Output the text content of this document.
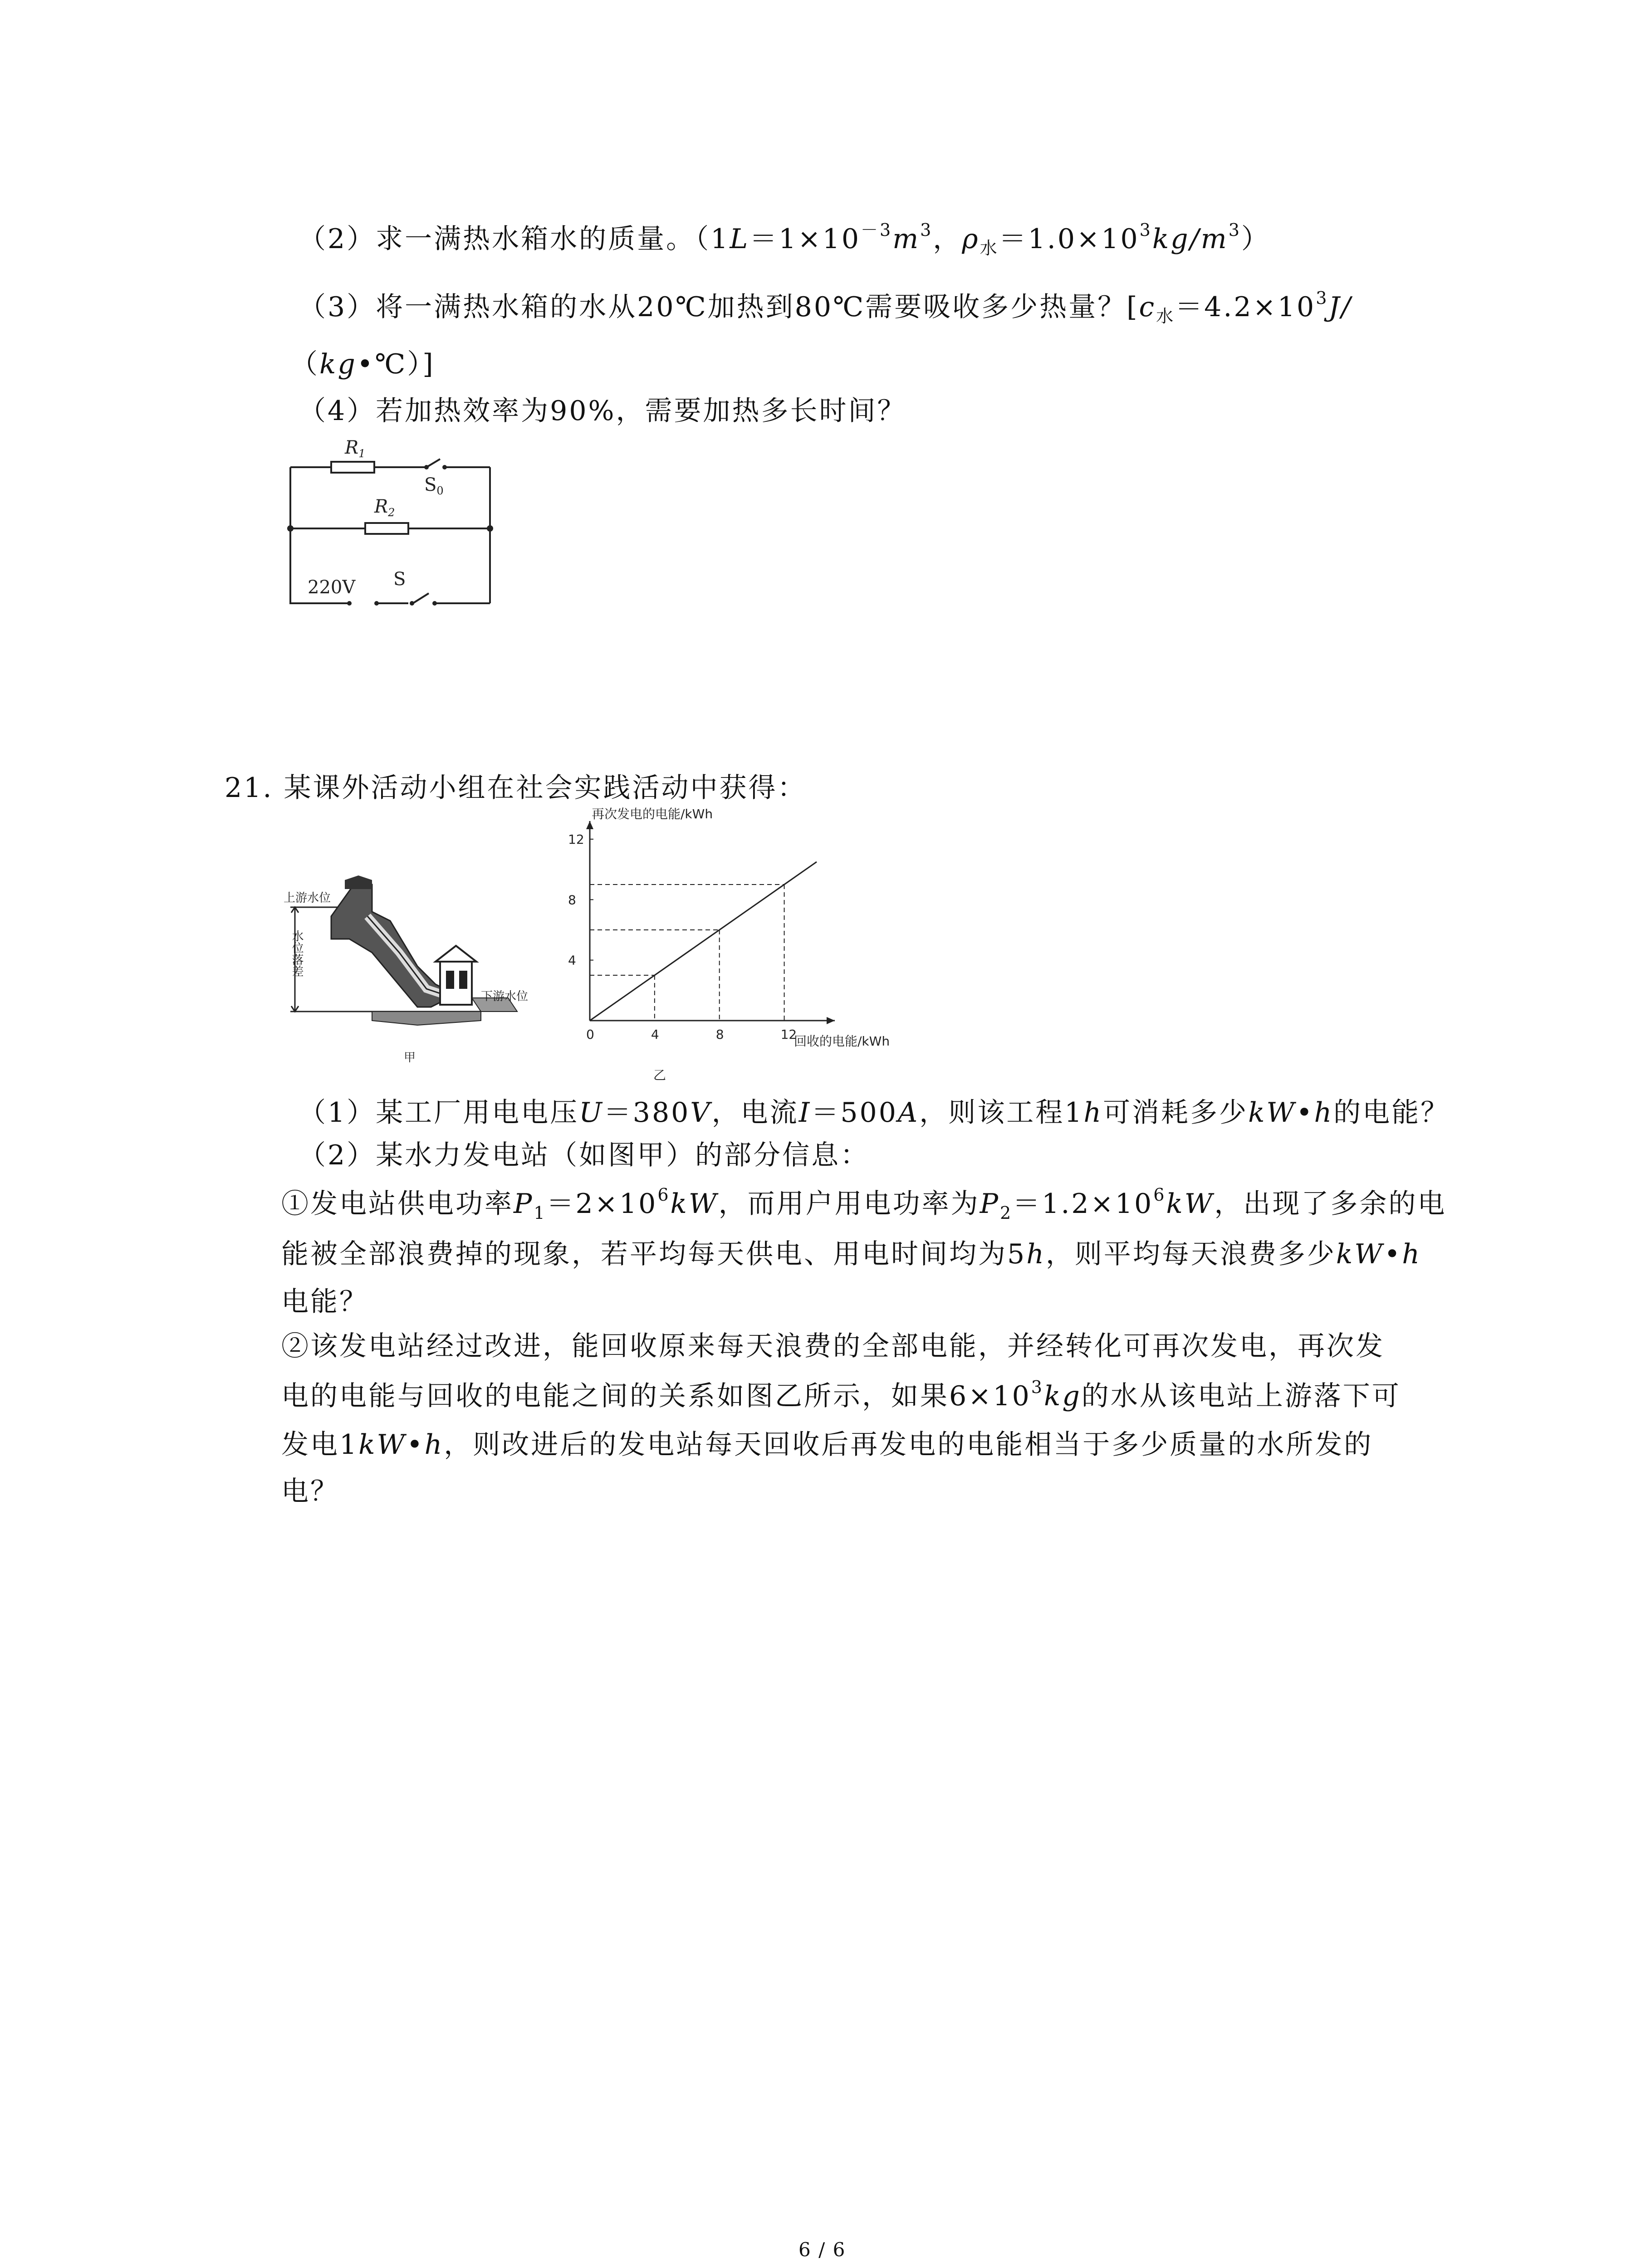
（2）求一满热水箱水的质量。（$1L=1\times 10^{-3}m^3$，$\rho_水=1.0\times 10^3kg/m^3$）
（3）将一满热水箱的水从20℃加热到80℃需要吸收多少热量？[$c_水=4.2\times 10^3J/$
（kg•℃）]
（4）若加热效率为90%，需要加热多长时间？
$R_1$
$S_0$
$R_2$
220V S
21. 某课外活动小组在社会实践活动中获得：
上游水位
下游水位
水位落差
甲
再次发电的电能/kWh
回收的电能/kWh
乙
0	4	8	12
4
8
12
（1）某工厂用电电压U＝380V，电流I＝500A，则该工程1h可消耗多少kW•h的电能？
（2）某水力发电站（如图甲）的部分信息：
①发电站供电功率$P_1=2\times 10^6kW$，而用户用电功率为$P_2=1.2\times 10^6kW$，出现了多余的电
能被全部浪费掉的现象，若平均每天供电、用电时间均为5h，则平均每天浪费多少kW•h
电能？
②该发电站经过改进，能回收原来每天浪费的全部电能，并经转化可再次发电，再次发
电的电能与回收的电能之间的关系如图乙所示，如果$6\times 10^3kg$的水从该电站上游落下可
发电1kW•h，则改进后的发电站每天回收后再发电的电能相当于多少质量的水所发的
电？
6 / 6
